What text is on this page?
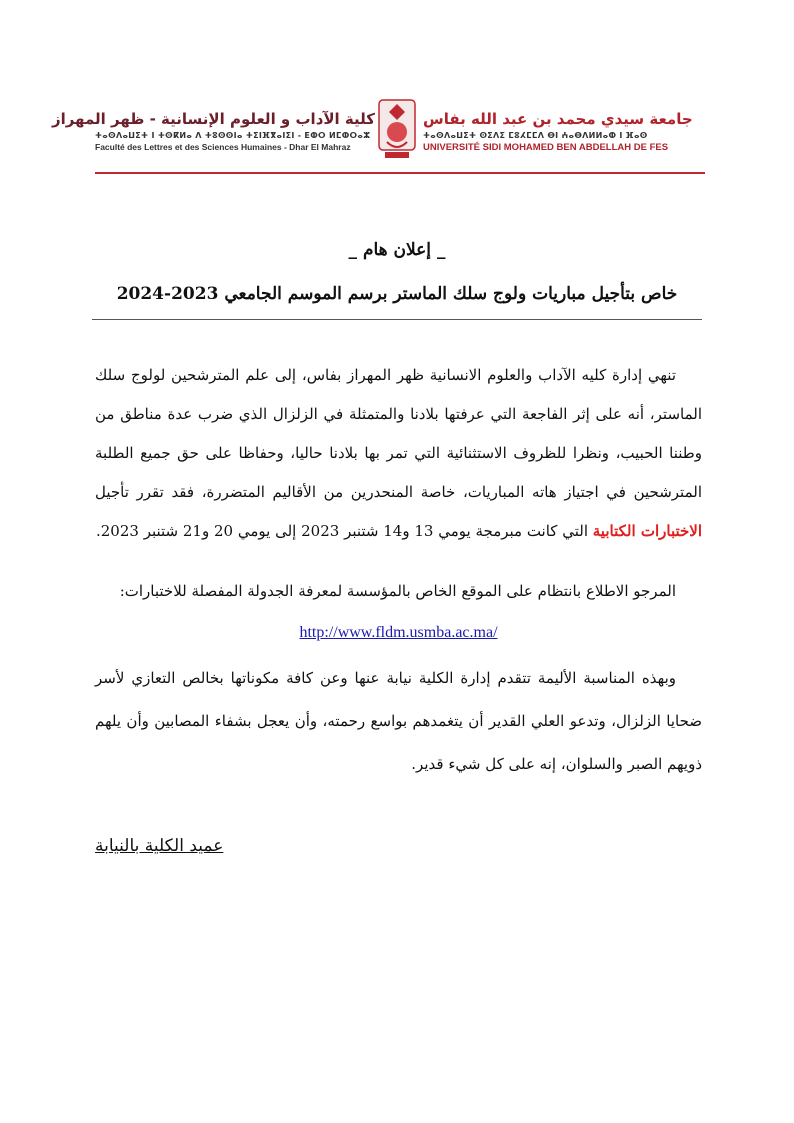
كلية الآداب و العلوم الإنسانية - ظهر المهراز
ⵜⴰⵙⴷⴰⵡⵉⵜ ⵏ ⵜⵙⴽⵍⴰ ⴷ ⵜⵓⵙⵙⵏⴰ ⵜⵉⵏⴼⴳⴰⵏⵉⵏ - ⴹⵀⵔ ⵍⵎⵀⵔⴰⵣ
Faculté des Lettres et des Sciences Humaines - Dhar El Mahraz
جامعة سيدي محمد بن عبد الله بفاس
ⵜⴰⵙⴷⴰⵡⵉⵜ ⵙⵉⴷⵉ ⵎⵓⵃⵎⵎⴷ ⴱⵏ ⵄⴰⴱⴷⵍⵍⴰⵀ ⵏ ⴼⴰⵙ
UNIVERSITÉ SIDI MOHAMED BEN ABDELLAH DE FES
_ إعلان هام _
خاص بتأجيل مباريات ولوج سلك الماستر برسم الموسم الجامعي 2023-2024
تنهي إدارة كليه الآداب والعلوم الانسانية ظهر المهراز بفاس، إلى علم المترشحين لولوج سلك الماستر، أنه على إثر الفاجعة التي عرفتها بلادنا والمتمثلة في الزلزال الذي ضرب عدة مناطق من وطننا الحبيب، ونظرا للظروف الاستثنائية التي تمر بها بلادنا حاليا، وحفاظا على حق جميع الطلبة المترشحين في اجتياز هاته المباريات، خاصة المنحدرين من الأقاليم المتضررة، فقد تقرر تأجيل الاختبارات الكتابية التي كانت مبرمجة يومي 13 و14 شتنبر 2023 إلى يومي 20 و21 شتنبر 2023.
المرجو الاطلاع بانتظام على الموقع الخاص بالمؤسسة لمعرفة الجدولة المفصلة للاختبارات:
http://www.fldm.usmba.ac.ma/
وبهذه المناسبة الأليمة تتقدم إدارة الكلية نيابة عنها وعن كافة مكوناتها بخالص التعازي لأسر ضحايا الزلزال، وتدعو العلي القدير أن يتغمدهم بواسع رحمته، وأن يعجل بشفاء المصابين وأن يلهم ذويهم الصبر والسلوان، إنه على كل شيء قدير.
عميد الكلية بالنيابة
